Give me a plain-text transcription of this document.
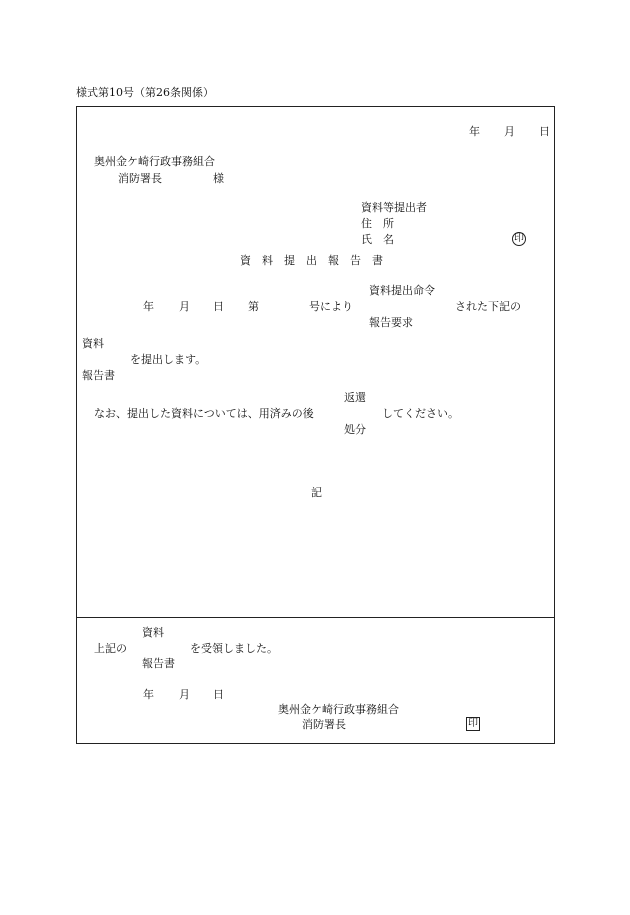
様式第10号（第26条関係）
年 月 日
奥州金ケ崎行政事務組合
消防署長	様
資料等提出者
住　所
氏　名	印
資　料　提　出　報　告　書
資料提出命令
年 月 日 第	号により	された下記の
報告要求
資料
を提出します。
報告書
返還
なお、提出した資料については、用済みの後	してください。
処分
記
資料
上記の	を受領しました。
報告書
年 月 日
奥州金ケ崎行政事務組合
消防署長	印
